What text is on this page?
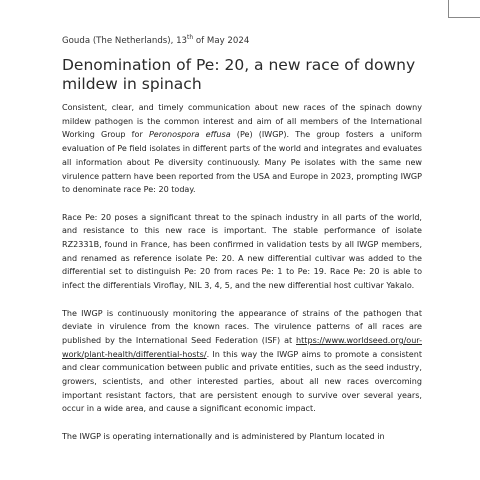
Gouda (The Netherlands), 13th of May 2024
Denomination of Pe: 20, a new race of downy mildew in spinach

Consistent, clear, and timely communication about new races of the spinach downy mildew pathogen is the common interest and aim of all members of the International Working Group for Peronospora effusa (Pe) (IWGP). The group fosters a uniform evaluation of Pe field isolates in different parts of the world and integrates and evaluates all information about Pe diversity continuously. Many Pe isolates with the same new virulence pattern have been reported from the USA and Europe in 2023, prompting IWGP to denominate race Pe: 20 today.

Race Pe: 20 poses a significant threat to the spinach industry in all parts of the world, and resistance to this new race is important. The stable performance of isolate RZ2331B, found in France, has been confirmed in validation tests by all IWGP members, and renamed as reference isolate Pe: 20. A new differential cultivar was added to the differential set to distinguish Pe: 20 from races Pe: 1 to Pe: 19. Race Pe: 20 is able to infect the differentials Viroflay, NIL 3, 4, 5, and the new differential host cultivar Yakalo.

The IWGP is continuously monitoring the appearance of strains of the pathogen that deviate in virulence from the known races. The virulence patterns of all races are published by the International Seed Federation (ISF) at https://www.worldseed.org/our-work/plant-health/differential-hosts/. In this way the IWGP aims to promote a consistent and clear communication between public and private entities, such as the seed industry, growers, scientists, and other interested parties, about all new races overcoming important resistant factors, that are persistent enough to survive over several years, occur in a wide area, and cause a significant economic impact.

The IWGP is operating internationally and is administered by Plantum located in
